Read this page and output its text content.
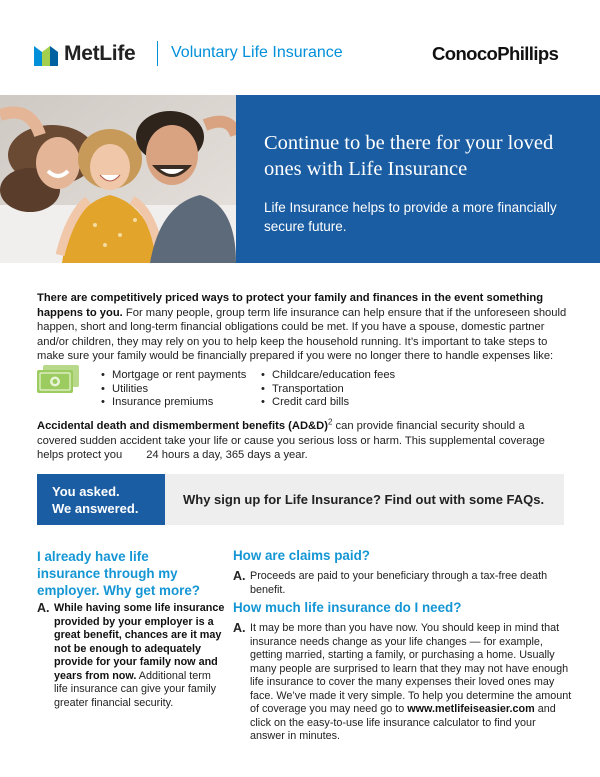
MetLife Voluntary Life Insurance	ConocoPhillips
Continue to be there for your loved ones with Life Insurance
Life Insurance helps to provide a more financially secure future.
There are competitively priced ways to protect your family and finances in the event something happens to you. For many people, group term life insurance can help ensure that if the unforeseen should happen, short and long-term financial obligations could be met. If you have a spouse, domestic partner and/or children, they may rely on you to help keep the household running. It’s important to take steps to make sure your family would be financially prepared if you were no longer there to handle expenses like:
• Mortgage or rent payments
• Utilities
• Insurance premiums
• Childcare/education fees
• Transportation
• Credit card bills
Accidental death and dismemberment benefits (AD&D)$^2$ can provide financial security should a covered sudden accident take your life or cause you serious loss or harm. This supplemental coverage helps protect you 24 hours a day, 365 days a year.
You asked.
We answered.
Why sign up for Life Insurance? Find out with some FAQs.
I already have life insurance through my employer. Why get more?
A. While having some life insurance provided by your employer is a great benefit, chances are it may not be enough to adequately provide for your family now and years from now. Additional term life insurance can give your family greater financial security.
How are claims paid?
A. Proceeds are paid to your beneficiary through a tax-free death benefit.
How much life insurance do I need?
A. It may be more than you have now. You should keep in mind that insurance needs change as your life changes — for example, getting married, starting a family, or purchasing a home. Usually many people are surprised to learn that they may not have enough life insurance to cover the many expenses their loved ones may face. We’ve made it very simple. To help you determine the amount of coverage you may need go to www.metlifeiseasier.com and click on the easy-to-use life insurance calculator to find your answer in minutes.
